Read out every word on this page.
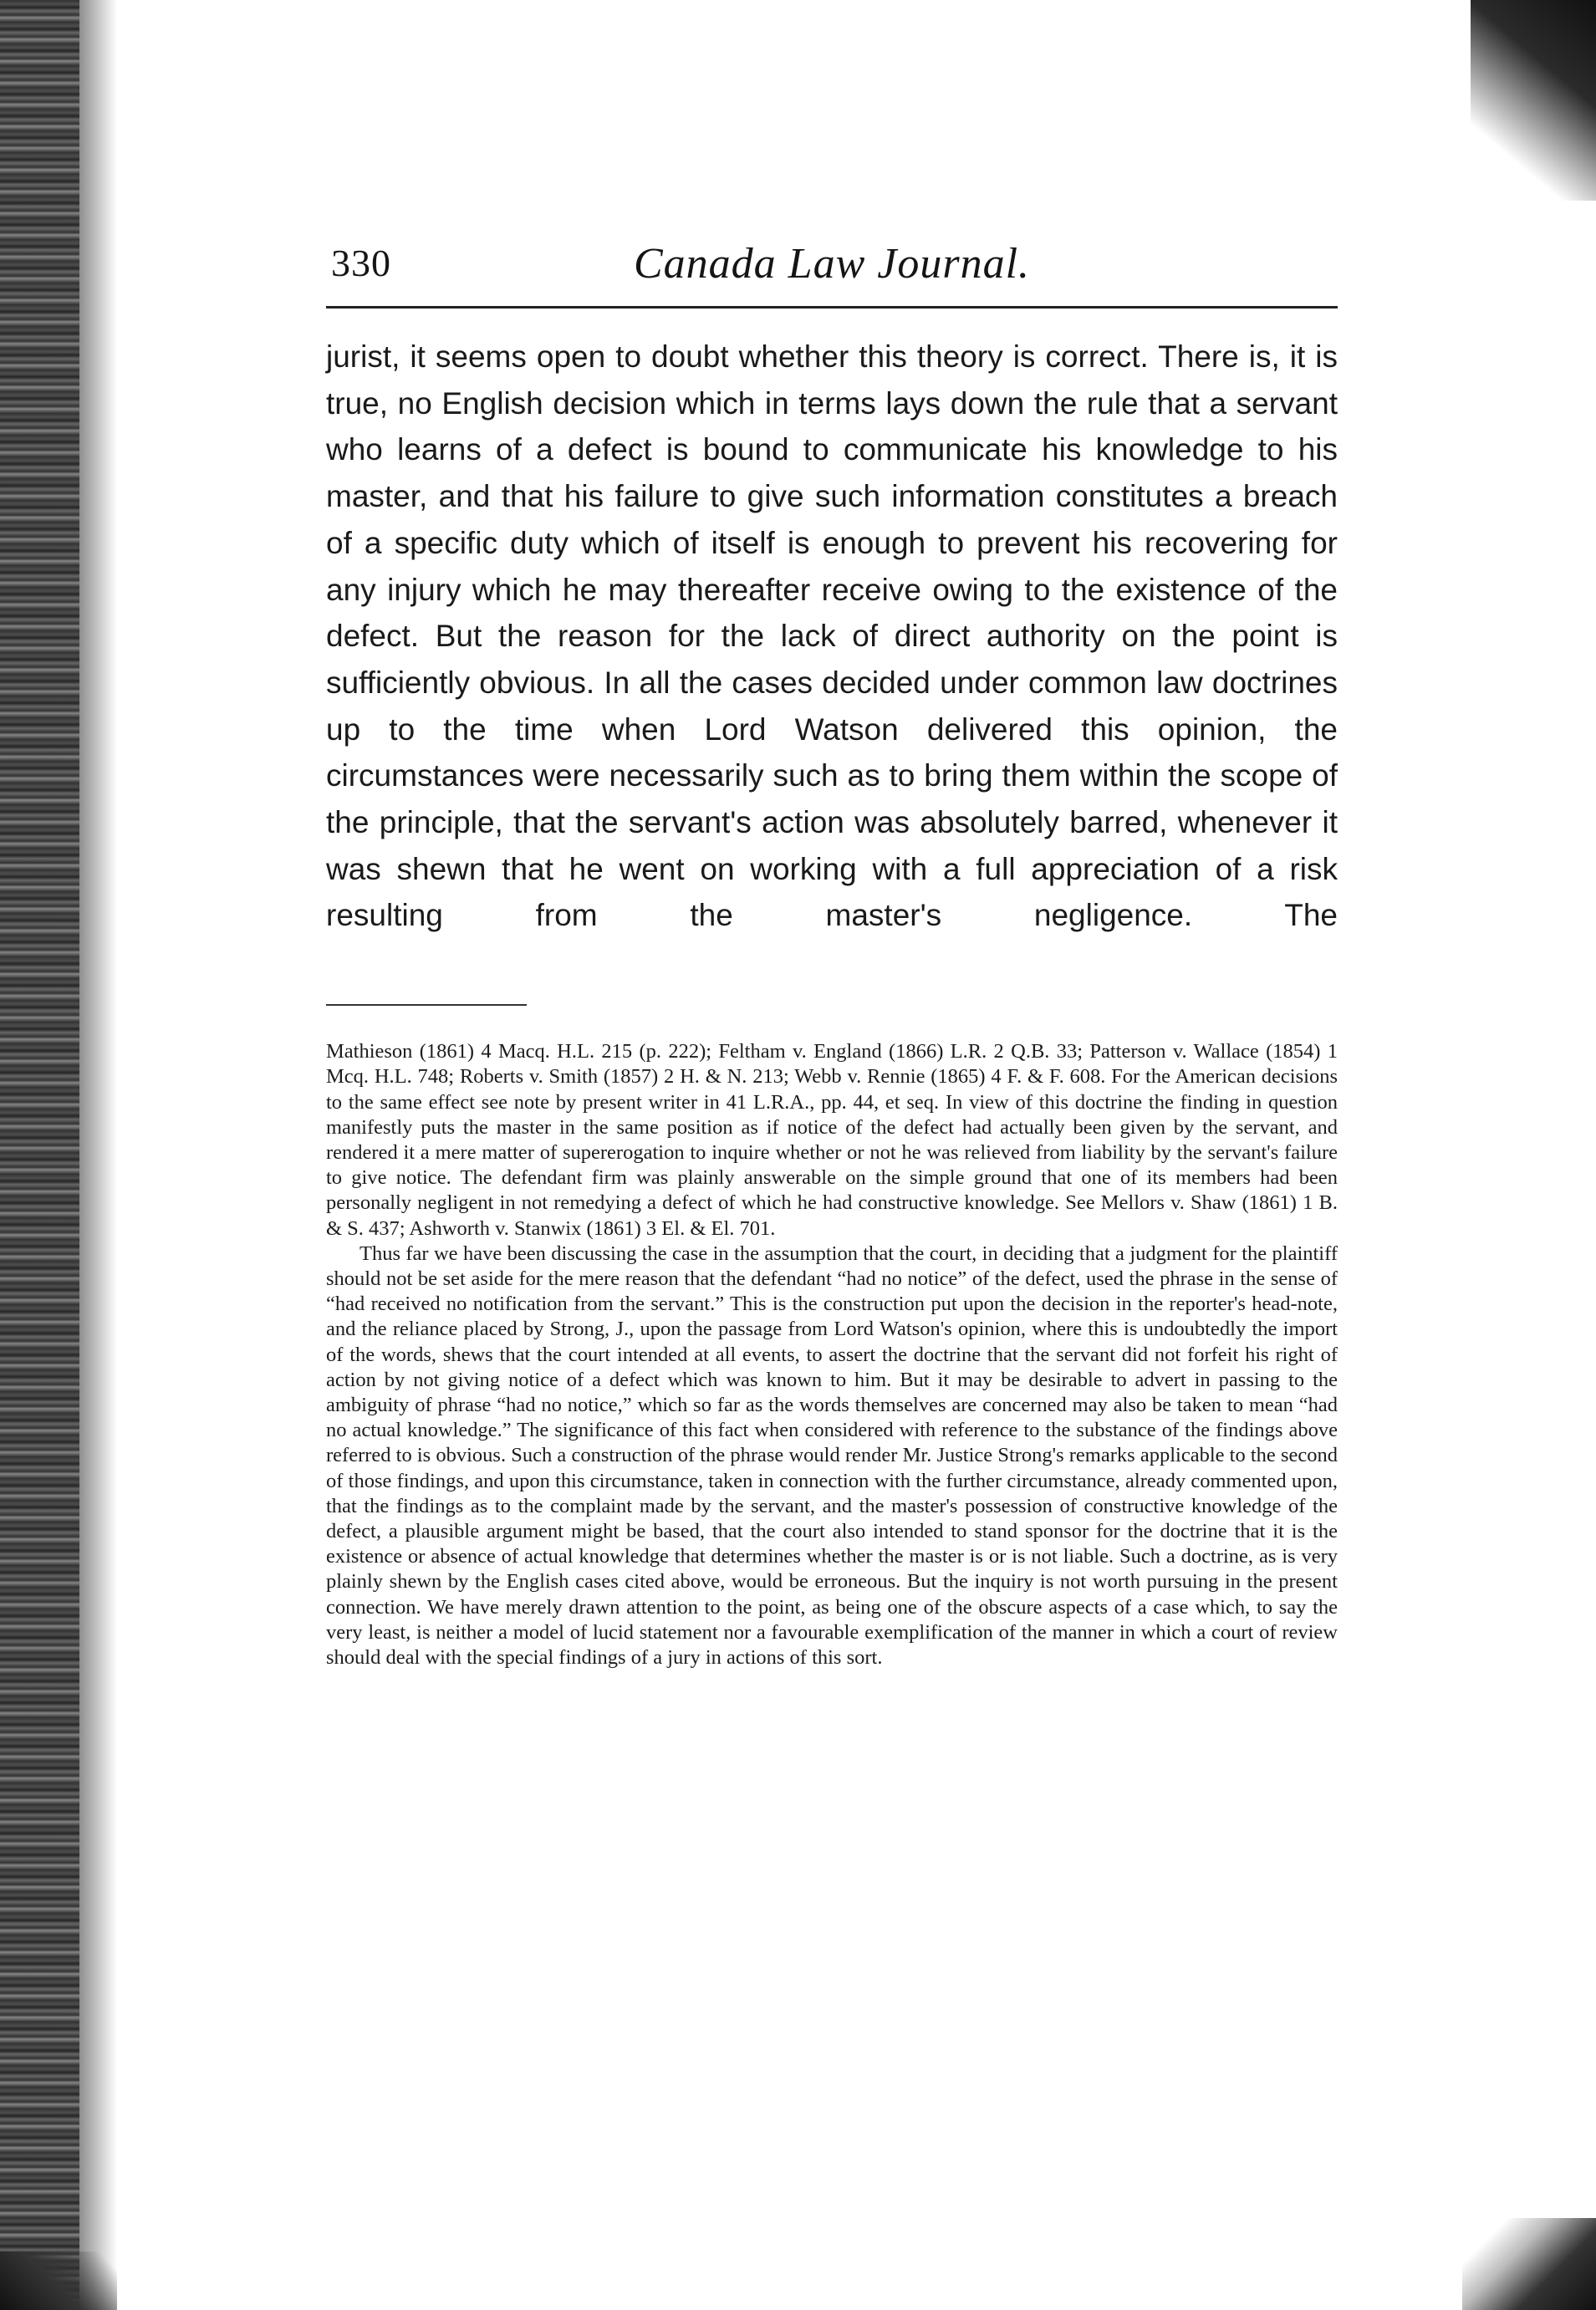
330	Canada Law Journal.

jurist, it seems open to doubt whether this theory is correct. There is, it is true, no English decision which in terms lays down the rule that a servant who learns of a defect is bound to communicate his knowledge to his master, and that his failure to give such information constitutes a breach of a specific duty which of itself is enough to prevent his recovering for any injury which he may thereafter receive owing to the existence of the defect. But the reason for the lack of direct authority on the point is sufficiently obvious. In all the cases decided under common law doctrines up to the time when Lord Watson delivered this opinion, the circumstances were necessarily such as to bring them within the scope of the principle, that the servant's action was absolutely barred, whenever it was shewn that he went on working with a full appreciation of a risk resulting from the master's negligence. The

Mathieson (1861) 4 Macq. H.L. 215 (p. 222); Feltham v. England (1866) L.R. 2 Q.B. 33; Patterson v. Wallace (1854) 1 Mcq. H.L. 748; Roberts v. Smith (1857) 2 H. & N. 213; Webb v. Rennie (1865) 4 F. & F. 608. For the American decisions to the same effect see note by present writer in 41 L.R.A., pp. 44, et seq. In view of this doctrine the finding in question manifestly puts the master in the same position as if notice of the defect had actually been given by the servant, and rendered it a mere matter of supererogation to inquire whether or not he was relieved from liability by the servant's failure to give notice. The defendant firm was plainly answerable on the simple ground that one of its members had been personally negligent in not remedying a defect of which he had constructive knowledge. See Mellors v. Shaw (1861) 1 B. & S. 437; Ashworth v. Stanwix (1861) 3 El. & El. 701.

Thus far we have been discussing the case in the assumption that the court, in deciding that a judgment for the plaintiff should not be set aside for the mere reason that the defendant “had no notice” of the defect, used the phrase in the sense of “had received no notification from the servant.” This is the construction put upon the decision in the reporter's head-note, and the reliance placed by Strong, J., upon the passage from Lord Watson's opinion, where this is undoubtedly the import of the words, shews that the court intended at all events, to assert the doctrine that the servant did not forfeit his right of action by not giving notice of a defect which was known to him. But it may be desirable to advert in passing to the ambiguity of phrase “had no notice,” which so far as the words themselves are concerned may also be taken to mean “had no actual knowledge.” The significance of this fact when considered with reference to the substance of the findings above referred to is obvious. Such a construction of the phrase would render Mr. Justice Strong's remarks applicable to the second of those findings, and upon this circumstance, taken in connection with the further circumstance, already commented upon, that the findings as to the complaint made by the servant, and the master's possession of constructive knowledge of the defect, a plausible argument might be based, that the court also intended to stand sponsor for the doctrine that it is the existence or absence of actual knowledge that determines whether the master is or is not liable. Such a doctrine, as is very plainly shewn by the English cases cited above, would be erroneous. But the inquiry is not worth pursuing in the present connection. We have merely drawn attention to the point, as being one of the obscure aspects of a case which, to say the very least, is neither a model of lucid statement nor a favourable exemplification of the manner in which a court of review should deal with the special findings of a jury in actions of this sort.
